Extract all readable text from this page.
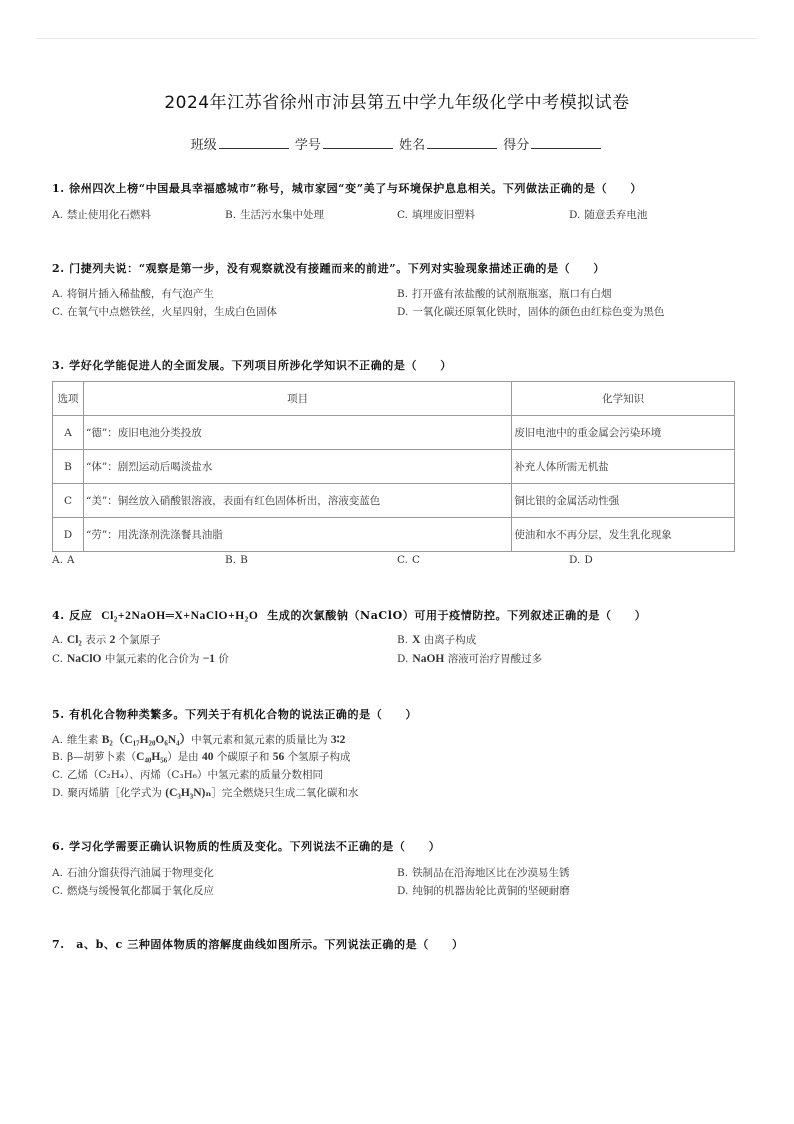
2024年江苏省徐州市沛县第五中学九年级化学中考模拟试卷
班级	学号	姓名	得分
1. 徐州四次上榜“中国最具幸福感城市”称号，城市家园“变”美了与环境保护息息相关。下列做法正确的是（　　）
A. 禁止使用化石燃料	B. 生活污水集中处理	C. 填埋废旧塑料	D. 随意丢弃电池
2. 门捷列夫说：“观察是第一步，没有观察就没有接踵而来的前进”。下列对实验现象描述正确的是（　　）
A. 将铜片插入稀盐酸，有气泡产生	B. 打开盛有浓盐酸的试剂瓶瓶塞，瓶口有白烟
C. 在氧气中点燃铁丝，火星四射，生成白色固体	D. 一氧化碳还原氧化铁时，固体的颜色由红棕色变为黑色
3. 学好化学能促进人的全面发展。下列项目所涉化学知识不正确的是（　　）
选项	项目	化学知识
A	“德”：废旧电池分类投放	废旧电池中的重金属会污染环境
B	“体”：剧烈运动后喝淡盐水	补充人体所需无机盐
C	“美”：铜丝放入硝酸银溶液，表面有红色固体析出，溶液变蓝色	铜比银的金属活动性强
D	“劳”：用洗涤剂洗涤餐具油脂	使油和水不再分层，发生乳化现象
A. A	B. B	C. C	D. D
4. 反应 Cl₂+2NaOH═X+NaClO+H₂O 生成的次氯酸钠（NaClO）可用于疫情防控。下列叙述正确的是（　　）
A. Cl₂ 表示 2 个氯原子	B. X 由离子构成
C. NaClO 中氯元素的化合价为 −1 价	D. NaOH 溶液可治疗胃酸过多
5. 有机化合物种类繁多。下列关于有机化合物的说法正确的是（　　）
A. 维生素 B₂（C₁₇H₂₀O₆N₄）中氧元素和氮元素的质量比为 3∶2
B. β—胡萝卜素（C₄₀H₅₆）是由 40 个碳原子和 56 个氢原子构成
C. 乙烯（C₂H₄）、丙烯（C₃H₆）中氢元素的质量分数相同
D. 聚丙烯腈［化学式为 (C₃H₃N)ₙ］完全燃烧只生成二氧化碳和水
6. 学习化学需要正确认识物质的性质及变化。下列说法不正确的是（　　）
A. 石油分馏获得汽油属于物理变化	B. 铁制品在沿海地区比在沙漠易生锈
C. 燃烧与缓慢氧化都属于氧化反应	D. 纯铜的机器齿轮比黄铜的坚硬耐磨
7.　a、b、c 三种固体物质的溶解度曲线如图所示。下列说法正确的是（　　）
